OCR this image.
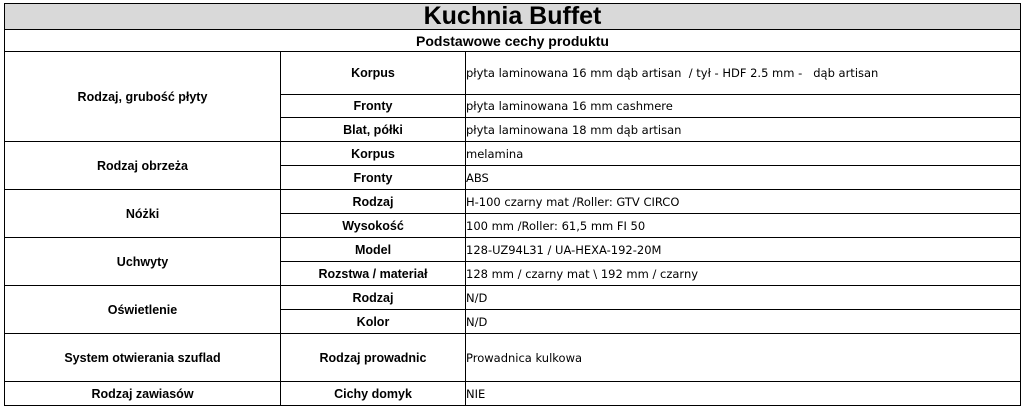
Kuchnia Buffet		
Podstawowe cechy produktu		
Rodzaj, grubość płyty	Korpus	płyta laminowana 16 mm dąb artisan  / tył - HDF 2.5 mm -   dąb artisan
	Fronty	płyta laminowana 16 mm cashmere
	Blat, półki	płyta laminowana 18 mm dąb artisan
Rodzaj obrzeża	Korpus	melamina
	Fronty	ABS
Nóżki	Rodzaj	H-100 czarny mat /Roller: GTV CIRCO
	Wysokość	100 mm /Roller: 61,5 mm FI 50
Uchwyty	Model	128-UZ94L31 / UA-HEXA-192-20M
	Rozstwa / materiał	128 mm / czarny mat \ 192 mm / czarny
Oświetlenie	Rodzaj	N/D
	Kolor	N/D
System otwierania szuflad	Rodzaj prowadnic	Prowadnica kulkowa
Rodzaj zawiasów	Cichy domyk	NIE
